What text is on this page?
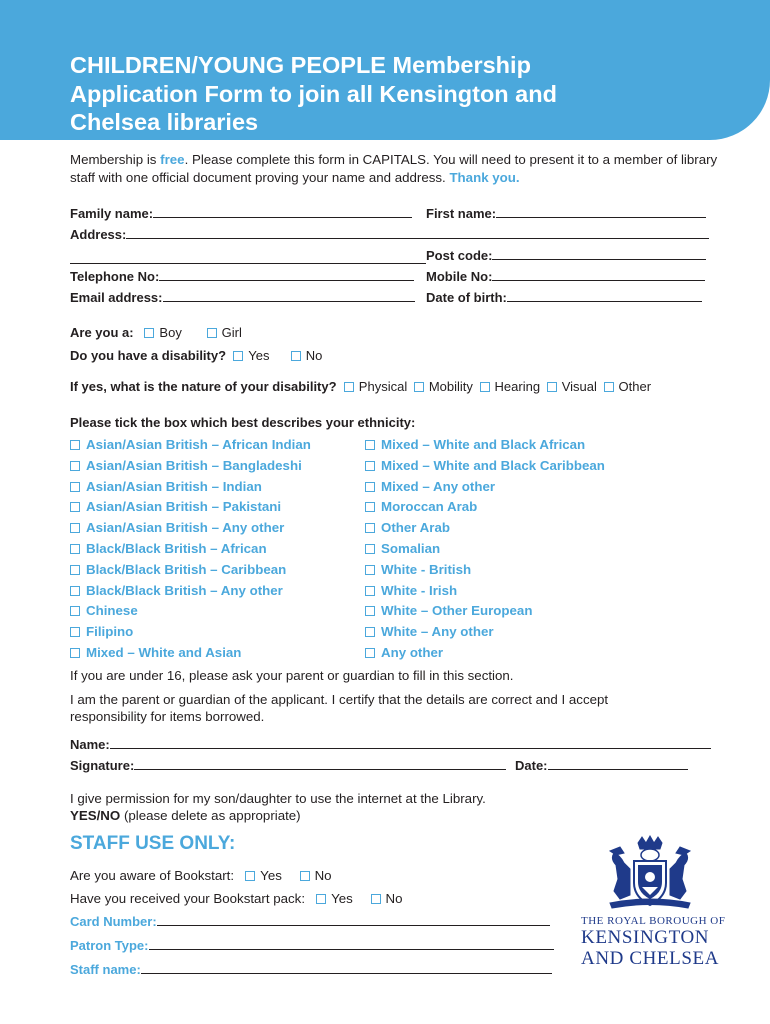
CHILDREN/YOUNG PEOPLE Membership
Application Form to join all Kensington and
Chelsea libraries
Membership is free. Please complete this form in CAPITALS. You will need to present it to a member of library staff with one official document proving your name and address. Thank you.
Family name:	First name:
Address:
Post code:
Telephone No:	Mobile No:
Email address:	Date of birth:
Are you a: Boy	Girl
Do you have a disability? Yes	No
If yes, what is the nature of your disability? Physical Mobility Hearing Visual Other
Please tick the box which best describes your ethnicity:
Asian/Asian British – African Indian
Asian/Asian British – Bangladeshi
Asian/Asian British – Indian
Asian/Asian British – Pakistani
Asian/Asian British – Any other
Black/Black British – African
Black/Black British – Caribbean
Black/Black British – Any other
Chinese
Filipino
Mixed – White and Asian
Mixed – White and Black African
Mixed – White and Black Caribbean
Mixed – Any other
Moroccan Arab
Other Arab
Somalian
White - British
White - Irish
White – Other European
White – Any other
Any other
If you are under 16, please ask your parent or guardian to fill in this section.
I am the parent or guardian of the applicant. I certify that the details are correct and I accept responsibility for items borrowed.
Name:
Signature:	Date:
I give permission for my son/daughter to use the internet at the Library.
YES/NO (please delete as appropriate)
STAFF USE ONLY:
Are you aware of Bookstart: Yes No
Have you received your Bookstart pack: Yes No
Card Number:
Patron Type:
Staff name:
THE ROYAL BOROUGH OF
KENSINGTON
AND CHELSEA
